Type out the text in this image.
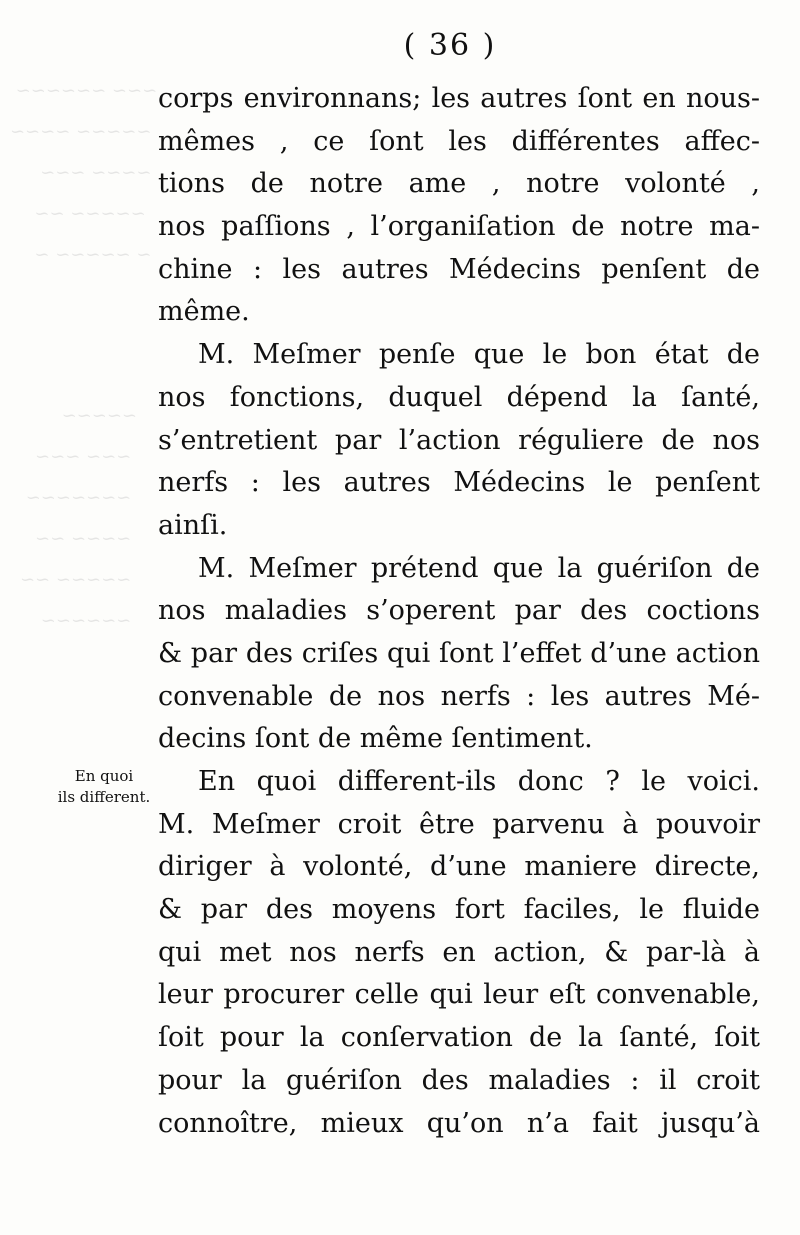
~~~ ~~~~~~
~~~~~ ~~~~
~~~~ ~~~
~~~~~ ~~
~ ~~~~~ ~
~~~~~
~~~ ~~~
~~~~~~~
~~~~ ~~
~~~~~ ~~
~~~~~~
( 36 )
corps environnans; les autres ſont en nous-
mêmes , ce ſont les différentes affec-
tions de notre ame , notre volonté ,
nos paſſions , l’organiſation de notre ma-
chine : les autres Médecins penſent de
même.
M. Meſmer penſe que le bon état de
nos fonctions, duquel dépend la ſanté,
s’entretient par l’action réguliere de nos
nerfs : les autres Médecins le penſent
ainſi.
M. Meſmer prétend que la guériſon de
nos maladies s’operent par des coctions
& par des criſes qui ſont l’effet d’une action
convenable de nos nerfs : les autres Mé-
decins ſont de même ſentiment.
En quoi different-ils donc ? le voici.
M. Meſmer croit être parvenu à pouvoir
diriger à volonté, d’une maniere directe,
& par des moyens fort faciles, le fluide
qui met nos nerfs en action, & par-là à
leur procurer celle qui leur eſt convenable,
ſoit pour la conſervation de la ſanté, ſoit
pour la guériſon des maladies : il croit
connoître, mieux qu’on n’a fait jusqu’à
En quoi
ils different.
